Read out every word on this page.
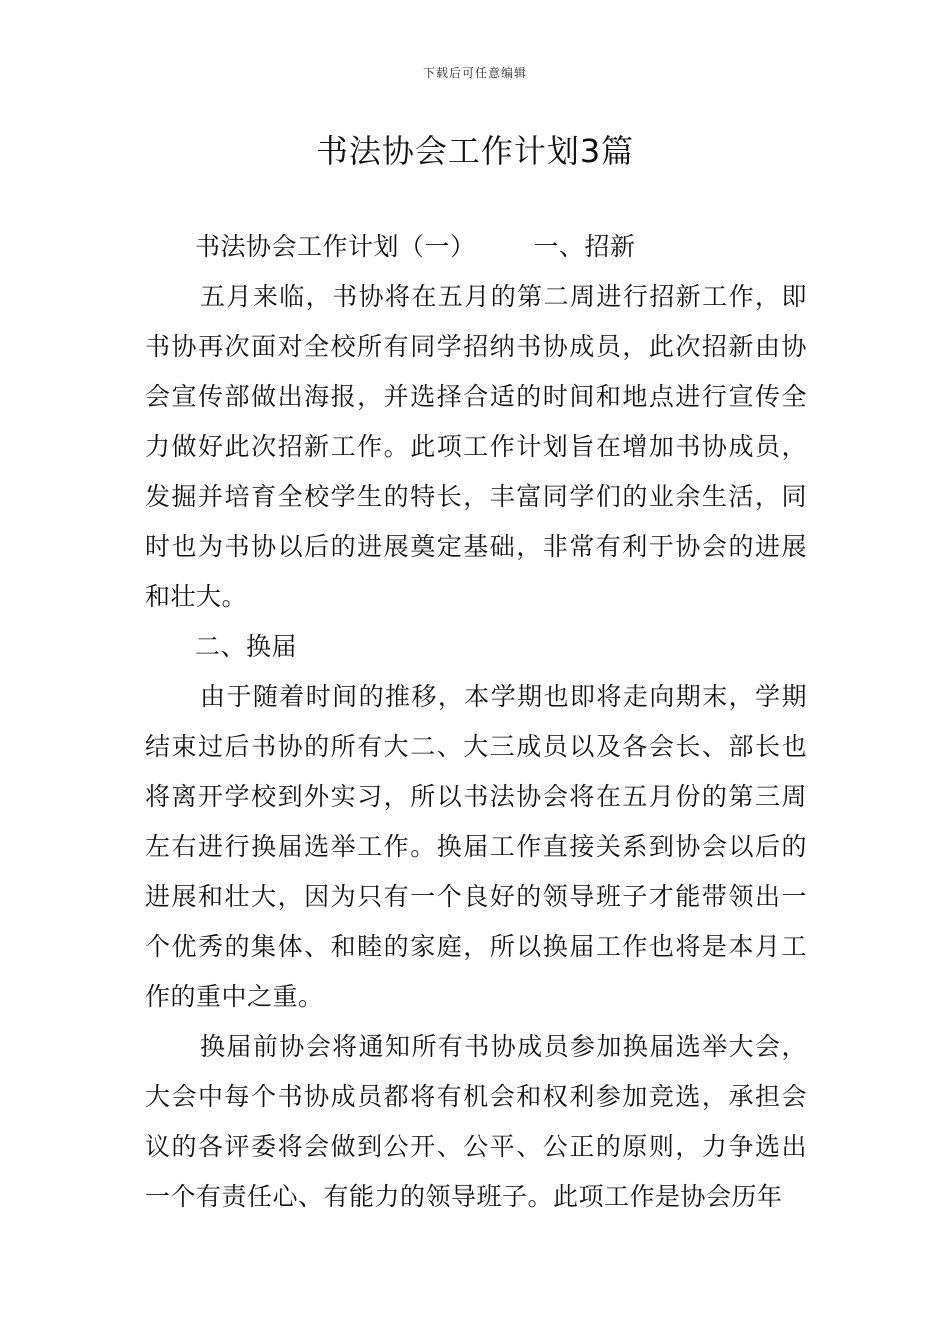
下载后可任意编辑
书法协会工作计划3篇

书法协会工作计划（一） 一、招新

五月来临，书协将在五月的第二周进行招新工作，即书协再次面对全校所有同学招纳书协成员，此次招新由协会宣传部做出海报，并选择合适的时间和地点进行宣传全力做好此次招新工作。此项工作计划旨在增加书协成员，发掘并培育全校学生的特长，丰富同学们的业余生活，同时也为书协以后的进展奠定基础，非常有利于协会的进展和壮大。

二、换届

由于随着时间的推移，本学期也即将走向期末，学期结束过后书协的所有大二、大三成员以及各会长、部长也将离开学校到外实习，所以书法协会将在五月份的第三周左右进行换届选举工作。换届工作直接关系到协会以后的进展和壮大，因为只有一个良好的领导班子才能带领出一个优秀的集体、和睦的家庭，所以换届工作也将是本月工作的重中之重。

换届前协会将通知所有书协成员参加换届选举大会，大会中每个书协成员都将有机会和权利参加竞选，承担会议的各评委将会做到公开、公平、公正的原则，力争选出一个有责任心、有能力的领导班子。此项工作是协会历年
